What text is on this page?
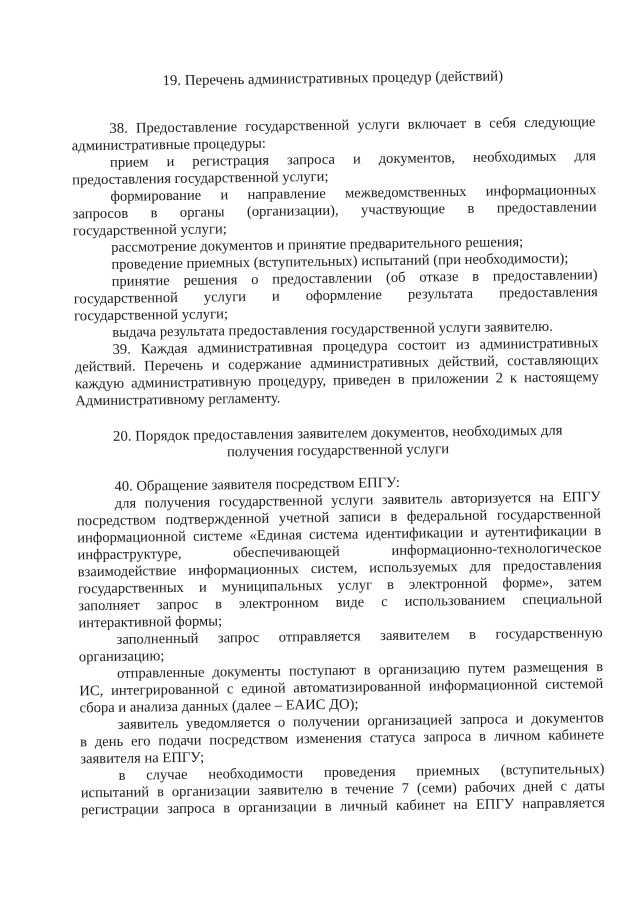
19. Перечень административных процедур (действий)
38. Предоставление государственной услуги включает в себя следующие
административные процедуры:
прием и регистрация запроса и документов, необходимых для
предоставления государственной услуги;
формирование и направление межведомственных информационных
запросов в органы (организации), участвующие в предоставлении
государственной услуги;
рассмотрение документов и принятие предварительного решения;
проведение приемных (вступительных) испытаний (при необходимости);
принятие решения о предоставлении (об отказе в предоставлении)
государственной услуги и оформление результата предоставления
государственной услуги;
выдача результата предоставления государственной услуги заявителю.
39. Каждая административная процедура состоит из административных
действий. Перечень и содержание административных действий, составляющих
каждую административную процедуру, приведен в приложении 2 к настоящему
Административному регламенту.
20. Порядок предоставления заявителем документов, необходимых для
получения государственной услуги
40. Обращение заявителя посредством ЕПГУ:
для получения государственной услуги заявитель авторизуется на ЕПГУ
посредством подтвержденной учетной записи в федеральной государственной
информационной системе «Единая система идентификации и аутентификации в
инфраструктуре, обеспечивающей информационно-технологическое
взаимодействие информационных систем, используемых для предоставления
государственных и муниципальных услуг в электронной форме», затем
заполняет запрос в электронном виде с использованием специальной
интерактивной формы;
заполненный запрос отправляется заявителем в государственную
организацию;
отправленные документы поступают в организацию путем размещения в
ИС, интегрированной с единой автоматизированной информационной системой
сбора и анализа данных (далее – ЕАИС ДО);
заявитель уведомляется о получении организацией запроса и документов
в день его подачи посредством изменения статуса запроса в личном кабинете
заявителя на ЕПГУ;
в случае необходимости проведения приемных (вступительных)
испытаний в организации заявителю в течение 7 (семи) рабочих дней с даты
регистрации запроса в организации в личный кабинет на ЕПГУ направляется
